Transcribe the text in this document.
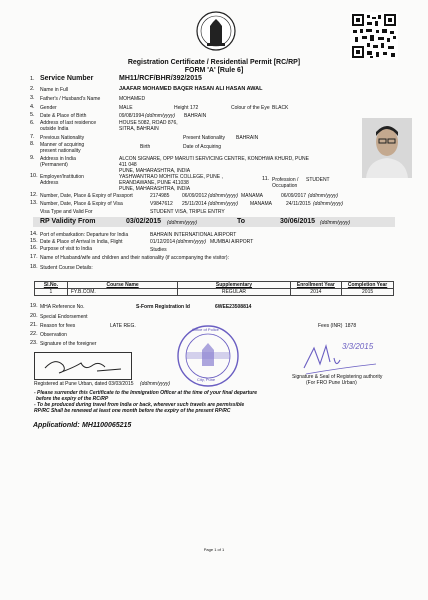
Registration Certificate / Residential Permit [RC/RP]
FORM 'A' [Rule 6]
1. Service Number	MH11/RCF/BHR/392/2015
2. Name in Full	JAAFAR MOHAMED BAQER HASAN ALI HASAN AWAL
3. Father's / Husband's Name	MOHAMED
4. Gender	MALE	Height 172	Colour of the Eye BLACK
5. Date & Place of Birth	09/08/1994 (dd/mm/yyyy) BAHRAIN
6. Address of last residence
outside India
HOUSE 5082, ROAD 876,
SITRA, BAHRAIN
7. Previous Nationality	Present Nationality BAHRAIN
8. Manner of acquiring
present nationality
Birth	Date of Acquiring
9. Address in India
(Permanent)
ALCON SIGNARE, OPP MARUTI SERVICING CENTRE, KONDHWA KHURD, PUNE
411 048
PUNE, MAHARASHTRA, INDIA
10. Employer/Institution
Address
YASHWANTRAO MOHITE COLLEGE, PUNE ,
ERANDAWANE, PUNE 411038
PUNE, MAHARASHTRA, INDIA
11. Profession /
Occupation
STUDENT
12. Number, Date, Place & Expiry of Passport	2174985	06/09/2012 (dd/mm/yyyy) MANAMA	06/09/2017 (dd/mm/yyyy)
13. Number, Date, Place & Expiry of Visa	V9847612 25/11/2014 (dd/mm/yyyy) MANAMA	24/11/2015 (dd/mm/yyyy)
Visa Type and Valid For	STUDENT VISA, TRIPLE ENTRY
RP Validity From	03/02/2015 (dd/mm/yyyy)	To	30/06/2015 (dd/mm/yyyy)
14. Port of embarkation: Departure for India	BAHRAIN INTERNATIONAL AIRPORT
15. Date & Place of Arrival in India, Flight	01/12/2014 (dd/mm/yyyy) MUMBAI AIRPORT
16. Purpose of visit to India	Studies
17. Name of Husband/wife and children and their nationality (if accompanying the visitor):
18. Student Course Details:
Sl.No.	Course Name	Supplementary	Enrollment Year	Completion Year
1	FY.B.COM.	REGULAR	2014	2015
19. MHA Reference No.	S-Form Registration Id	6WEE23508814
20. Special Endorsement
21. Reason for fees	LATE REG.	Fees (INR) 1878
22. Observation
23. Signature of the foreigner
Office of Police
City, Pune
3/3/2015
Registered at Pune Urban, dated 03/03/2015 (dd/mm/yyyy)
Signature & Seal of Registering authority
(For FRO Pune Urban)
- Please surrender this Certificate to the Immigration Officer at the time of your final departure
before the expiry of the RC/RP
- To be produced during travel from India or back, wherever such travels are permissible
RP/RC Shall be renewed at least one month before the expiry of the present RP/RC
ApplicationId: MH1100065215
Page 1 of 1
